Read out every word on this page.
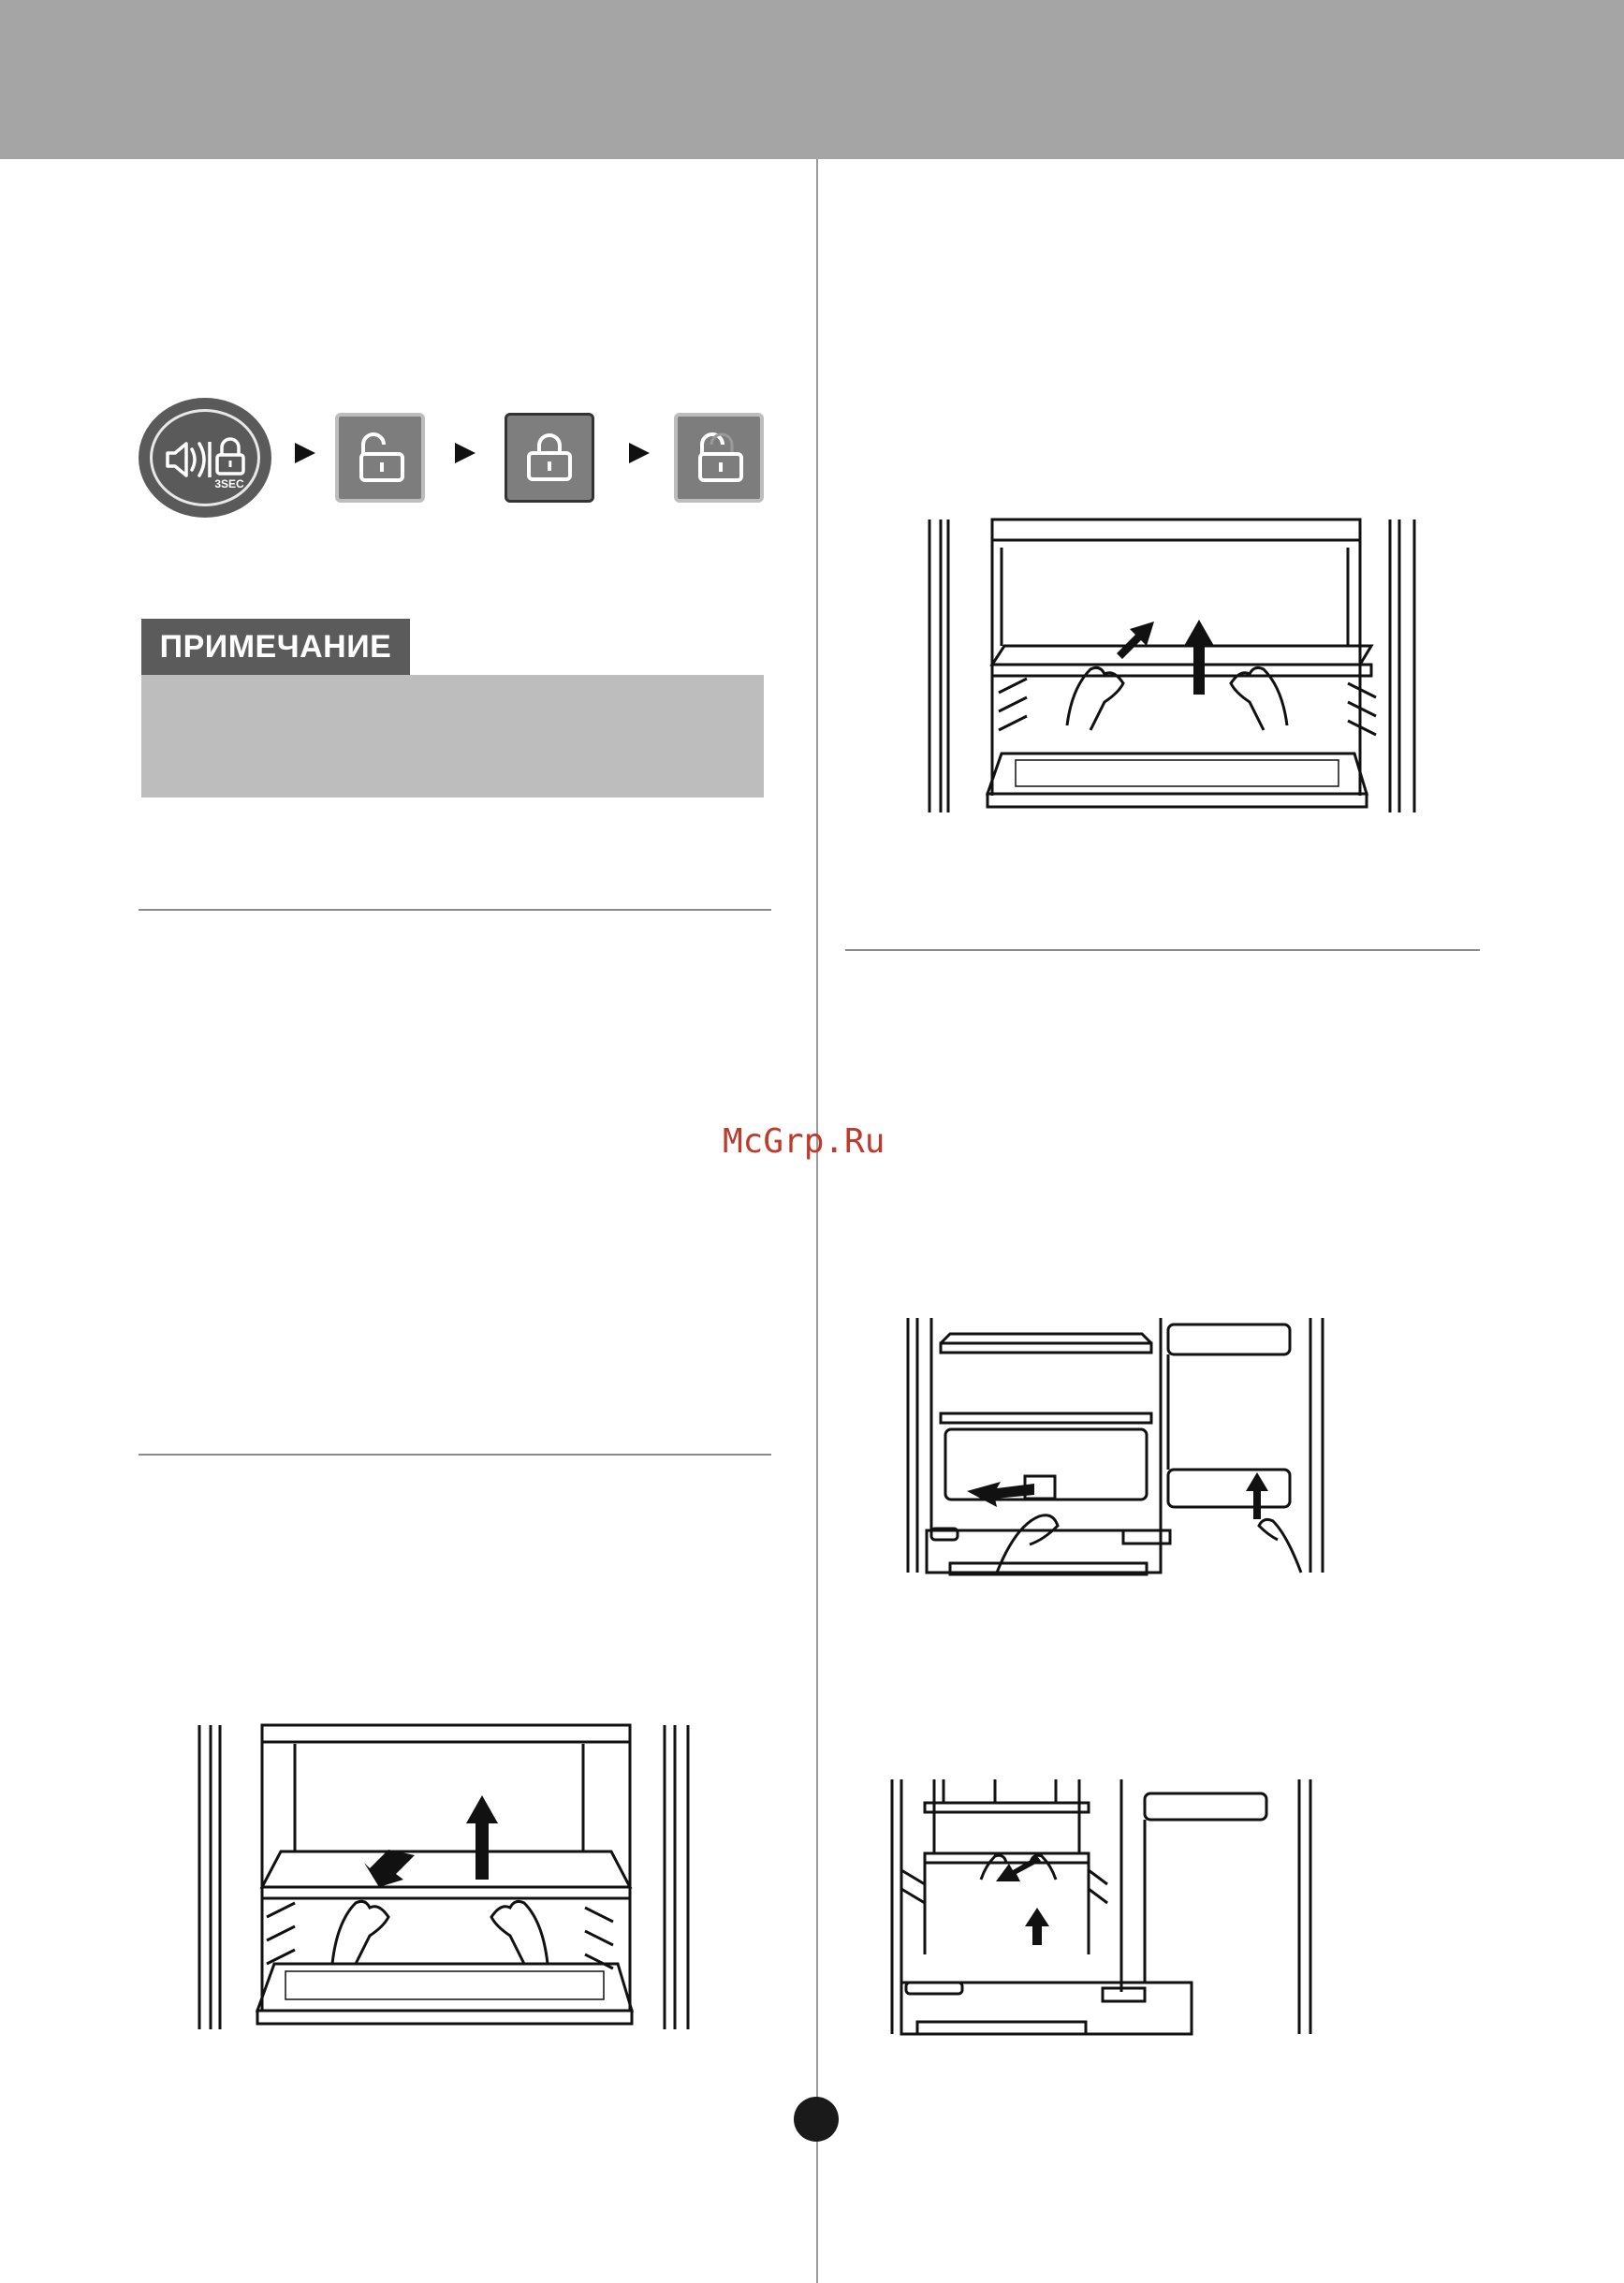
3SEC
ПРИМЕЧАНИЕ
McGrp.Ru
